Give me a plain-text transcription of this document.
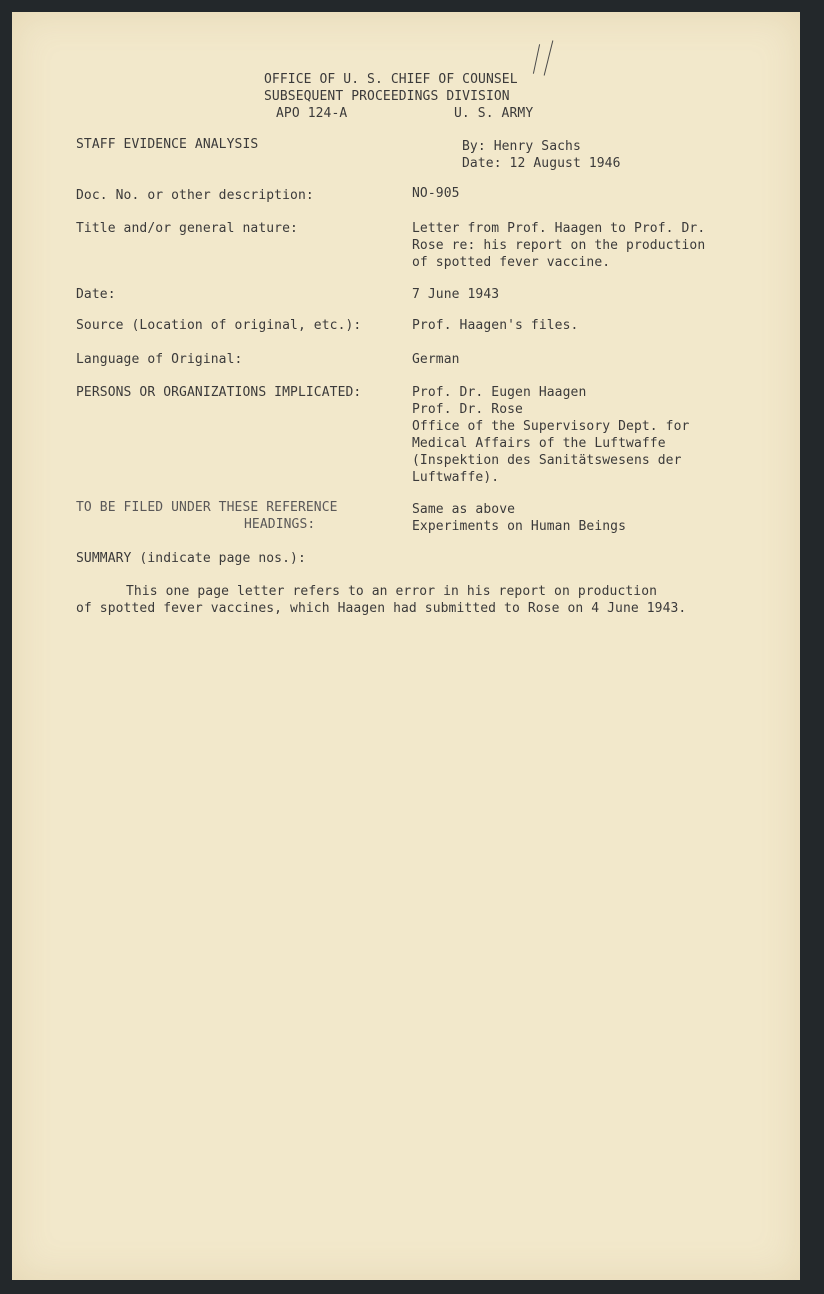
OFFICE OF U. S. CHIEF OF COUNSEL
SUBSEQUENT PROCEEDINGS DIVISION
APO 124-A	U. S. ARMY
STAFF EVIDENCE ANALYSIS	By: Henry Sachs
Date: 12 August 1946
Doc. No. or other description:	NO-905
Title and/or general nature:	Letter from Prof. Haagen to Prof. Dr.
Rose re: his report on the production
of spotted fever vaccine.
Date:	7 June 1943
Source (Location of original, etc.):	Prof. Haagen's files.
Language of Original:	German
PERSONS OR ORGANIZATIONS IMPLICATED:	Prof. Dr. Eugen Haagen
Prof. Dr. Rose
Office of the Supervisory Dept. for
Medical Affairs of the Luftwaffe
(Inspektion des Sanitätswesens der
Luftwaffe).
TO BE FILED UNDER THESE REFERENCE
HEADINGS:
Same as above
Experiments on Human Beings
SUMMARY (indicate page nos.):
This one page letter refers to an error in his report on production
of spotted fever vaccines, which Haagen had submitted to Rose on 4 June 1943.
